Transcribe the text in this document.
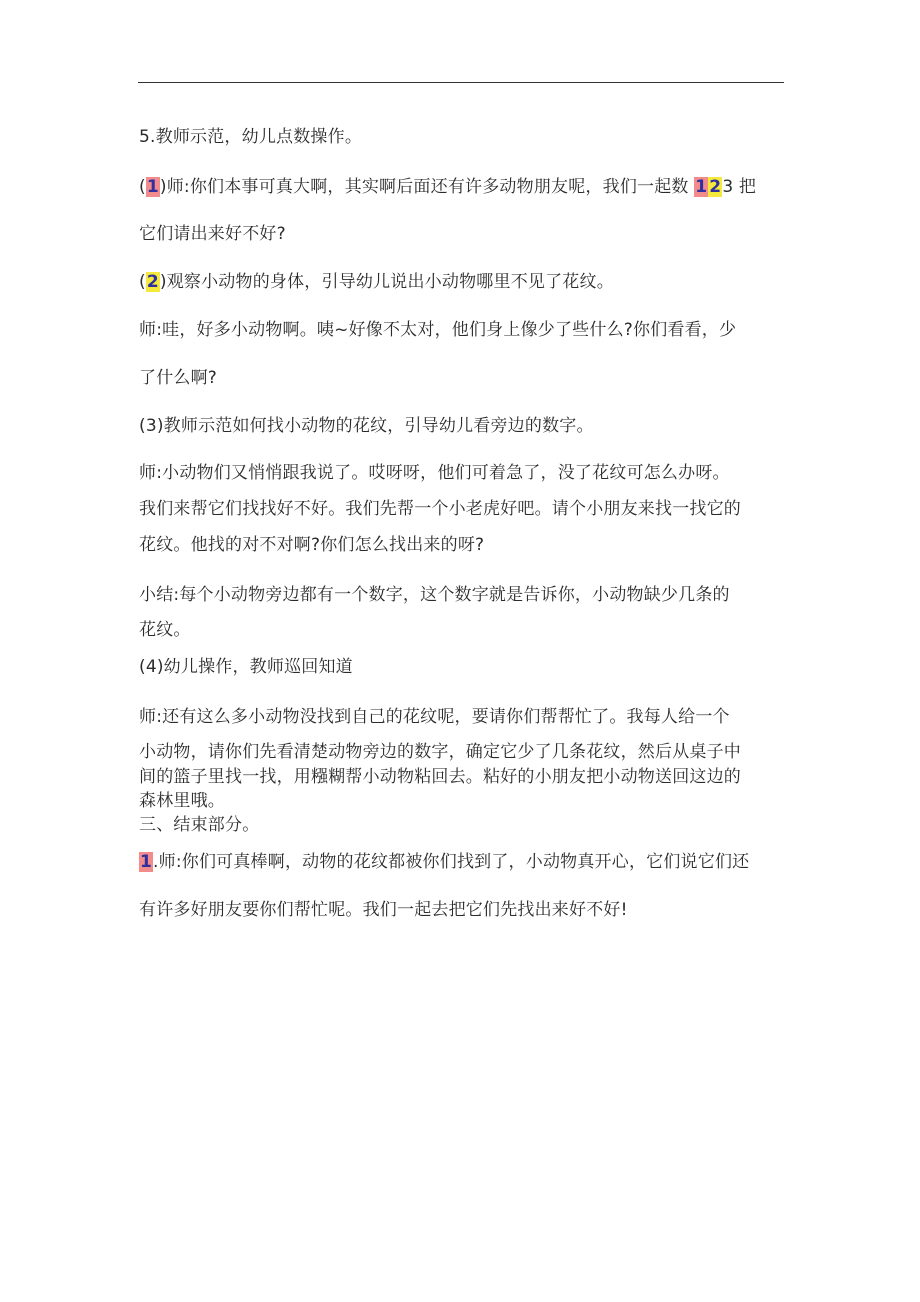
5.教师示范，幼儿点数操作。
(1)师:你们本事可真大啊，其实啊后面还有许多动物朋友呢，我们一起数 1 23 把
它们请出来好不好?
(2)观察小动物的身体，引导幼儿说出小动物哪里不见了花纹。
师:哇，好多小动物啊。咦~好像不太对，他们身上像少了些什么?你们看看，少
了什么啊?
(3)教师示范如何找小动物的花纹，引导幼儿看旁边的数字。
师:小动物们又悄悄跟我说了。哎呀呀，他们可着急了，没了花纹可怎么办呀。
我们来帮它们找找好不好。我们先帮一个小老虎好吧。请个小朋友来找一找它的
花纹。他找的对不对啊?你们怎么找出来的呀?
小结:每个小动物旁边都有一个数字，这个数字就是告诉你，小动物缺少几条的
花纹。
(4)幼儿操作，教师巡回知道
师:还有这么多小动物没找到自己的花纹呢，要请你们帮帮忙了。我每人给一个
小动物，请你们先看清楚动物旁边的数字，确定它少了几条花纹，然后从桌子中
间的篮子里找一找，用糨糊帮小动物粘回去。粘好的小朋友把小动物送回这边的
森林里哦。
三、结束部分。
1.师:你们可真棒啊，动物的花纹都被你们找到了，小动物真开心，它们说它们还
有许多好朋友要你们帮忙呢。我们一起去把它们先找出来好不好!
